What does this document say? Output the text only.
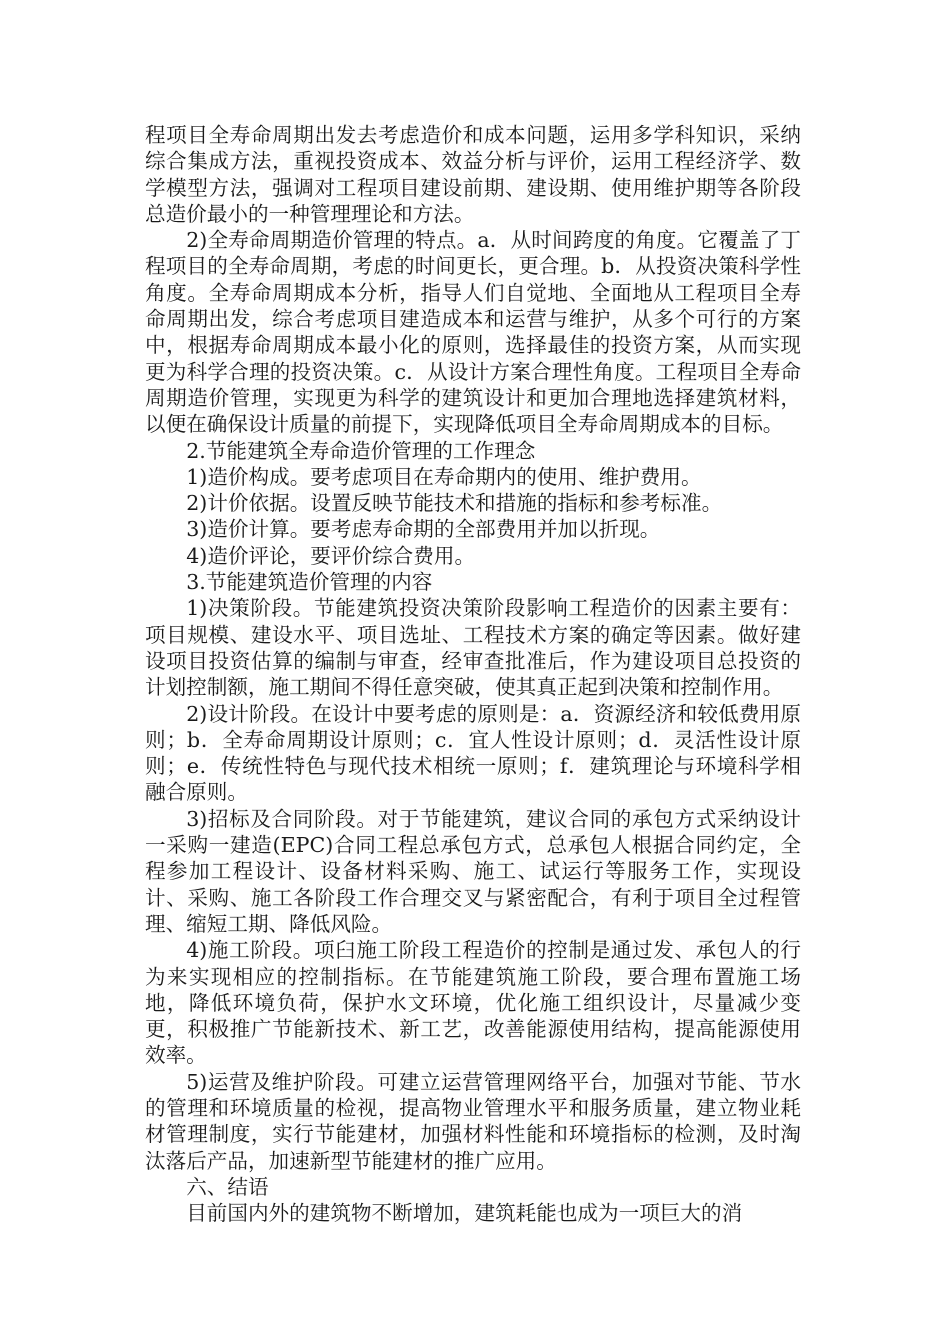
程项目全寿命周期出发去考虑造价和成本问题，运用多学科知识，采纳综合集成方法，重视投资成本、效益分析与评价，运用工程经济学、数学模型方法，强调对工程项目建设前期、建设期、使用维护期等各阶段总造价最小的一种管理理论和方法。

2)全寿命周期造价管理的特点。a．从时间跨度的角度。它覆盖了丁程项目的全寿命周期，考虑的时间更长，更合理。b．从投资决策科学性角度。全寿命周期成本分析，指导人们自觉地、全面地从工程项目全寿命周期出发，综合考虑项目建造成本和运营与维护，从多个可行的方案中，根据寿命周期成本最小化的原则，选择最佳的投资方案，从而实现更为科学合理的投资决策。c．从设计方案合理性角度。工程项目全寿命周期造价管理，实现更为科学的建筑设计和更加合理地选择建筑材料，以便在确保设计质量的前提下，实现降低项目全寿命周期成本的目标。

2.节能建筑全寿命造价管理的工作理念

1)造价构成。要考虑项目在寿命期内的使用、维护费用。

2)计价依据。设置反映节能技术和措施的指标和参考标准。

3)造价计算。要考虑寿命期的全部费用并加以折现。

4)造价评论，要评价综合费用。

3.节能建筑造价管理的内容

1)决策阶段。节能建筑投资决策阶段影响工程造价的因素主要有：项目规模、建设水平、项目选址、工程技术方案的确定等因素。做好建设项目投资估算的编制与审查，经审查批准后，作为建设项目总投资的计划控制额，施工期间不得任意突破，使其真正起到决策和控制作用。

2)设计阶段。在设计中要考虑的原则是：a．资源经济和较低费用原则；b．全寿命周期设计原则；c．宜人性设计原则；d．灵活性设计原则；e．传统性特色与现代技术相统一原则；f．建筑理论与环境科学相融合原则。

3)招标及合同阶段。对于节能建筑，建议合同的承包方式采纳设计一采购一建造(EPC)合同工程总承包方式，总承包人根据合同约定，全程参加工程设计、设备材料采购、施工、试运行等服务工作，实现设计、采购、施工各阶段工作合理交叉与紧密配合，有利于项目全过程管理、缩短工期、降低风险。

4)施工阶段。项臼施工阶段工程造价的控制是通过发、承包人的行为来实现相应的控制指标。在节能建筑施工阶段，要合理布置施工场地，降低环境负荷，保护水文环境，优化施工组织设计，尽量减少变更，积极推广节能新技术、新工艺，改善能源使用结构，提高能源使用效率。

5)运营及维护阶段。可建立运营管理网络平台，加强对节能、节水的管理和环境质量的检视，提高物业管理水平和服务质量，建立物业耗材管理制度，实行节能建材，加强材料性能和环境指标的检测，及时淘汰落后产品，加速新型节能建材的推广应用。

六、结语

目前国内外的建筑物不断增加，建筑耗能也成为一项巨大的消
